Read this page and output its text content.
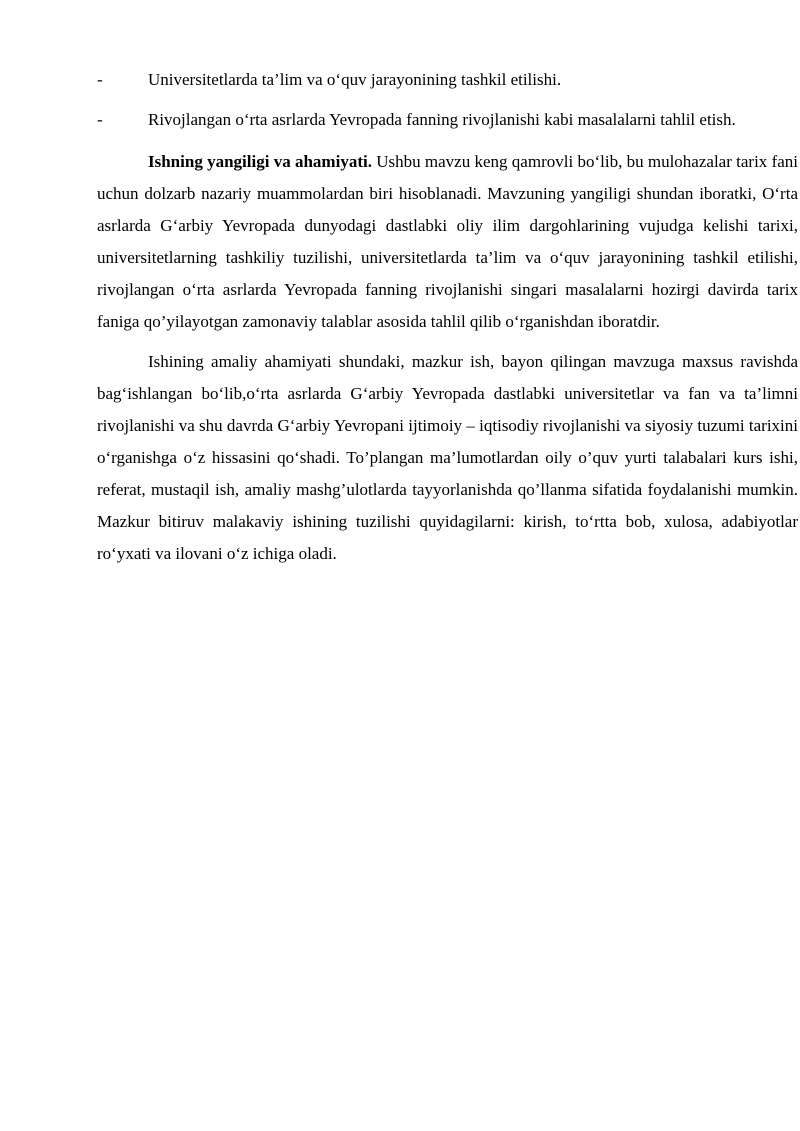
-	Universitetlarda ta’lim va o‘quv jarayonining tashkil etilishi.

-	Rivojlangan o‘rta asrlarda Yevropada fanning rivojlanishi kabi masalalarni tahlil etish.

Ishning yangiligi va ahamiyati. Ushbu mavzu keng qamrovli bo‘lib, bu mulohazalar tarix fani uchun dolzarb nazariy muammolardan biri hisoblanadi. Mavzuning yangiligi shundan iboratki, O‘rta asrlarda G‘arbiy Yevropada dunyodagi dastlabki oliy ilim dargohlarining vujudga kelishi tarixi, universitetlarning tashkiliy tuzilishi, universitetlarda ta’lim va o‘quv jarayonining tashkil etilishi, rivojlangan o‘rta asrlarda Yevropada fanning rivojlanishi singari masalalarni hozirgi davirda tarix faniga qo’yilayotgan zamonaviy talablar asosida tahlil qilib o‘rganishdan iboratdir.

Ishining amaliy ahamiyati shundaki, mazkur ish, bayon qilingan mavzuga maxsus ravishda bag‘ishlangan bo‘lib,o‘rta asrlarda G‘arbiy Yevropada dastlabki universitetlar va fan va ta’limni rivojlanishi va shu davrda G‘arbiy Yevropani ijtimoiy – iqtisodiy rivojlanishi va siyosiy tuzumi tarixini o‘rganishga o‘z hissasini qo‘shadi. To’plangan ma’lumotlardan oily o’quv yurti talabalari kurs ishi, referat, mustaqil ish, amaliy mashg’ulotlarda tayyorlanishda qo’llanma sifatida foydalanishi mumkin. Mazkur bitiruv malakaviy ishining tuzilishi quyidagilarni: kirish, to‘rtta bob, xulosa, adabiyotlar ro‘yxati va ilovani o‘z ichiga oladi.
